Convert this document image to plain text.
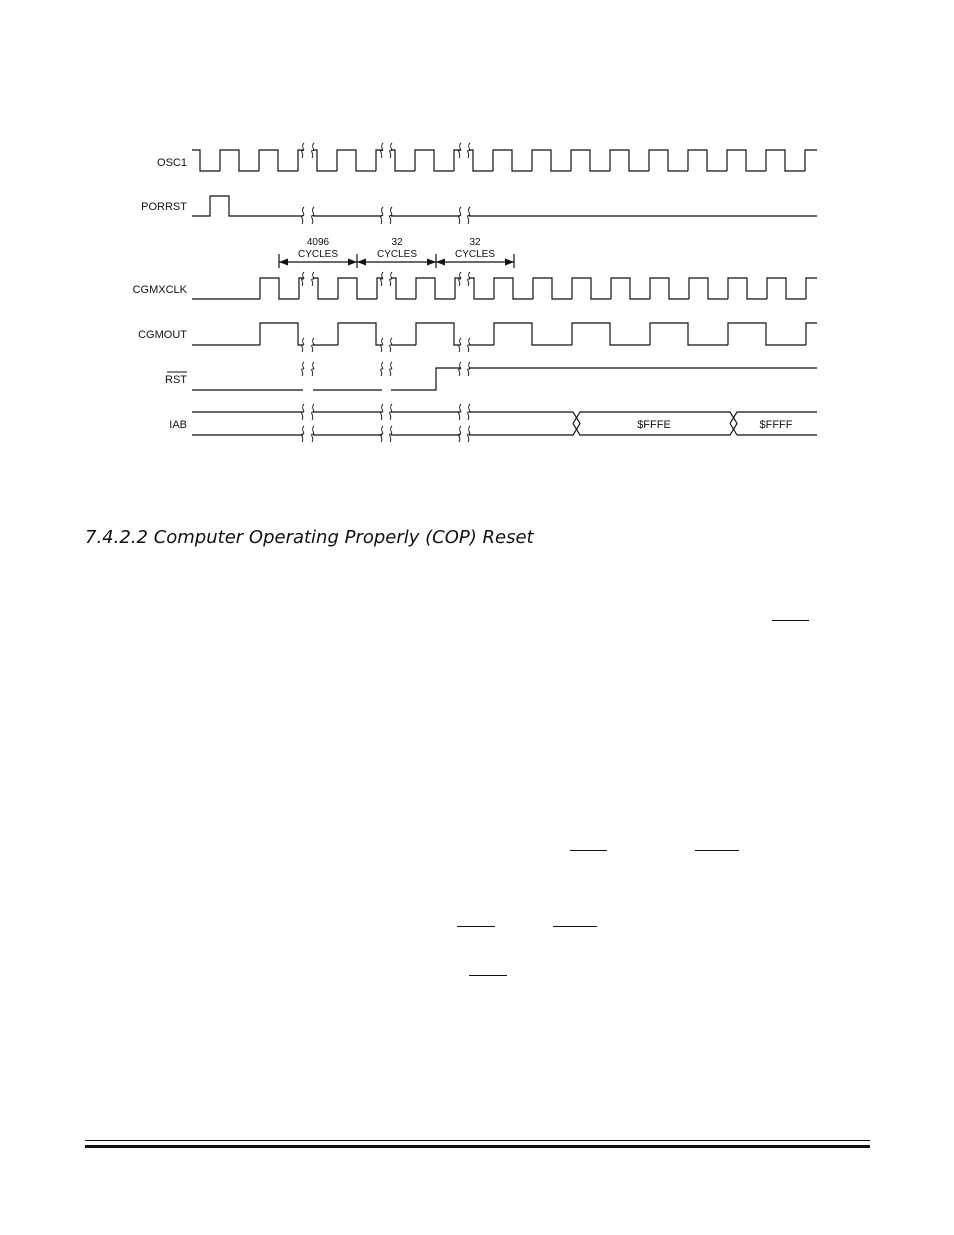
OSC1
PORRST
CGMXCLK
CGMOUT
RST
IAB
4096
CYCLES
32
CYCLES
32
CYCLES
$FFFE	$FFFF
7.4.2.2 Computer Operating Properly (COP) Reset
